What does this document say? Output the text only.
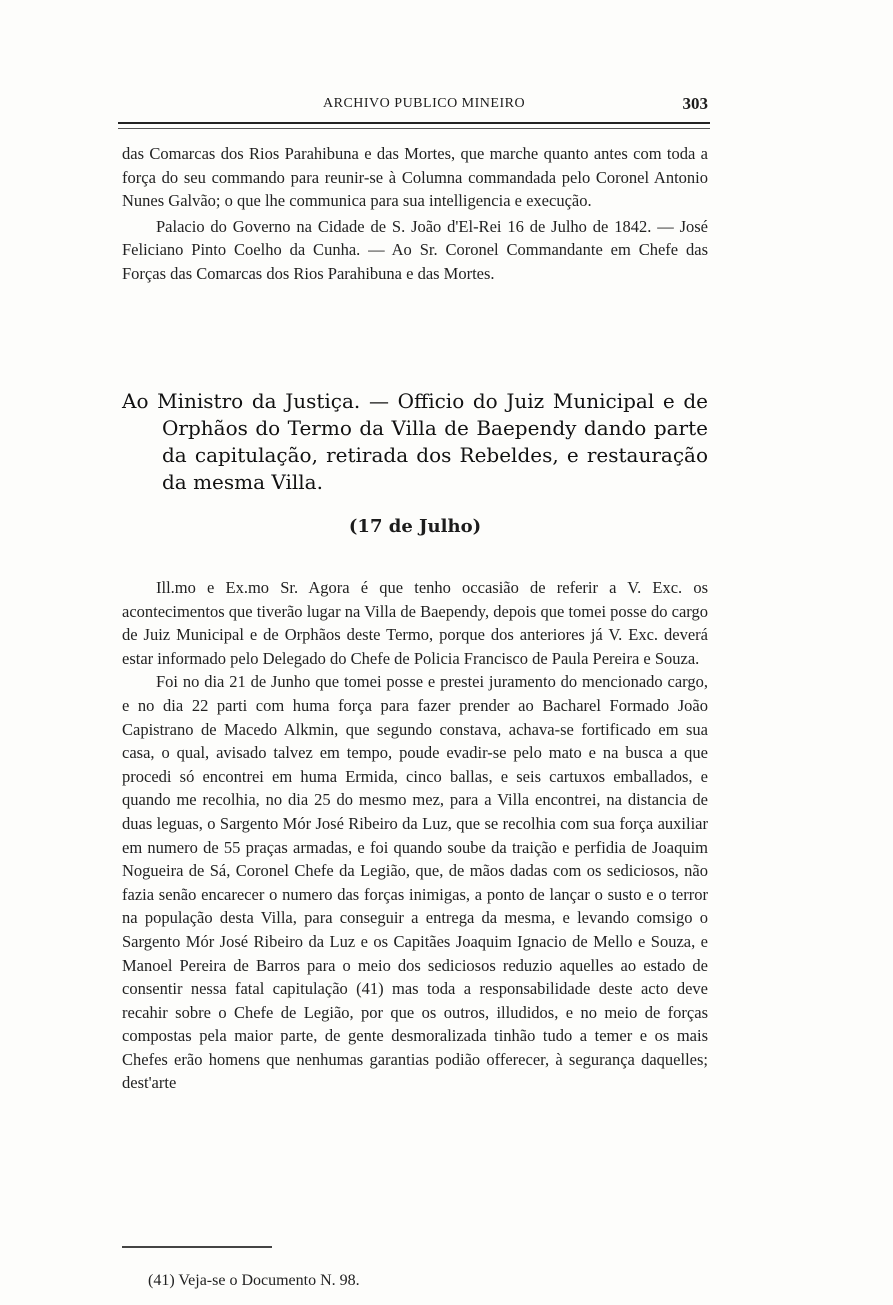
ARCHIVO PUBLICO MINEIRO	303

das Comarcas dos Rios Parahibuna e das Mortes, que marche quanto antes com toda a força do seu commando para reunir-se à Columna commandada pelo Coronel Antonio Nunes Galvão; o que lhe communica para sua intelligencia e execução.

Palacio do Governo na Cidade de S. João d'El-Rei 16 de Julho de 1842. — José Feliciano Pinto Coelho da Cunha. — Ao Sr. Coronel Commandante em Chefe das Forças das Comarcas dos Rios Parahibuna e das Mortes.

Ao Ministro da Justiça. — Officio do Juiz Municipal e de Orphãos do Termo da Villa de Baependy dando parte da capitulação, retirada dos Rebeldes, e restauração da mesma Villa.
(17 de Julho)

Ill.mo e Ex.mo Sr. Agora é que tenho occasião de referir a V. Exc. os acontecimentos que tiverão lugar na Villa de Baependy, depois que tomei posse do cargo de Juiz Municipal e de Orphãos deste Termo, porque dos anteriores já V. Exc. deverá estar informado pelo Delegado do Chefe de Policia Francisco de Paula Pereira e Souza.

Foi no dia 21 de Junho que tomei posse e prestei juramento do mencionado cargo, e no dia 22 parti com huma força para fazer prender ao Bacharel Formado João Capistrano de Macedo Alkmin, que segundo constava, achava-se fortificado em sua casa, o qual, avisado talvez em tempo, poude evadir-se pelo mato e na busca a que procedi só encontrei em huma Ermida, cinco ballas, e seis cartuxos emballados, e quando me recolhia, no dia 25 do mesmo mez, para a Villa encontrei, na distancia de duas leguas, o Sargento Mór José Ribeiro da Luz, que se recolhia com sua força auxiliar em numero de 55 praças armadas, e foi quando soube da traição e perfidia de Joaquim Nogueira de Sá, Coronel Chefe da Legião, que, de mãos dadas com os sediciosos, não fazia senão encarecer o numero das forças inimigas, a ponto de lançar o susto e o terror na população desta Villa, para conseguir a entrega da mesma, e levando comsigo o Sargento Mór José Ribeiro da Luz e os Capitães Joaquim Ignacio de Mello e Souza, e Manoel Pereira de Barros para o meio dos sediciosos reduzio aquelles ao estado de consentir nessa fatal capitulação (41) mas toda a responsabilidade deste acto deve recahir sobre o Chefe de Legião, por que os outros, illudidos, e no meio de forças compostas pela maior parte, de gente desmoralizada tinhão tudo a temer e os mais Chefes erão homens que nenhumas garantias podião offerecer, à segurança daquelles; dest'arte

(41) Veja-se o Documento N. 98.
